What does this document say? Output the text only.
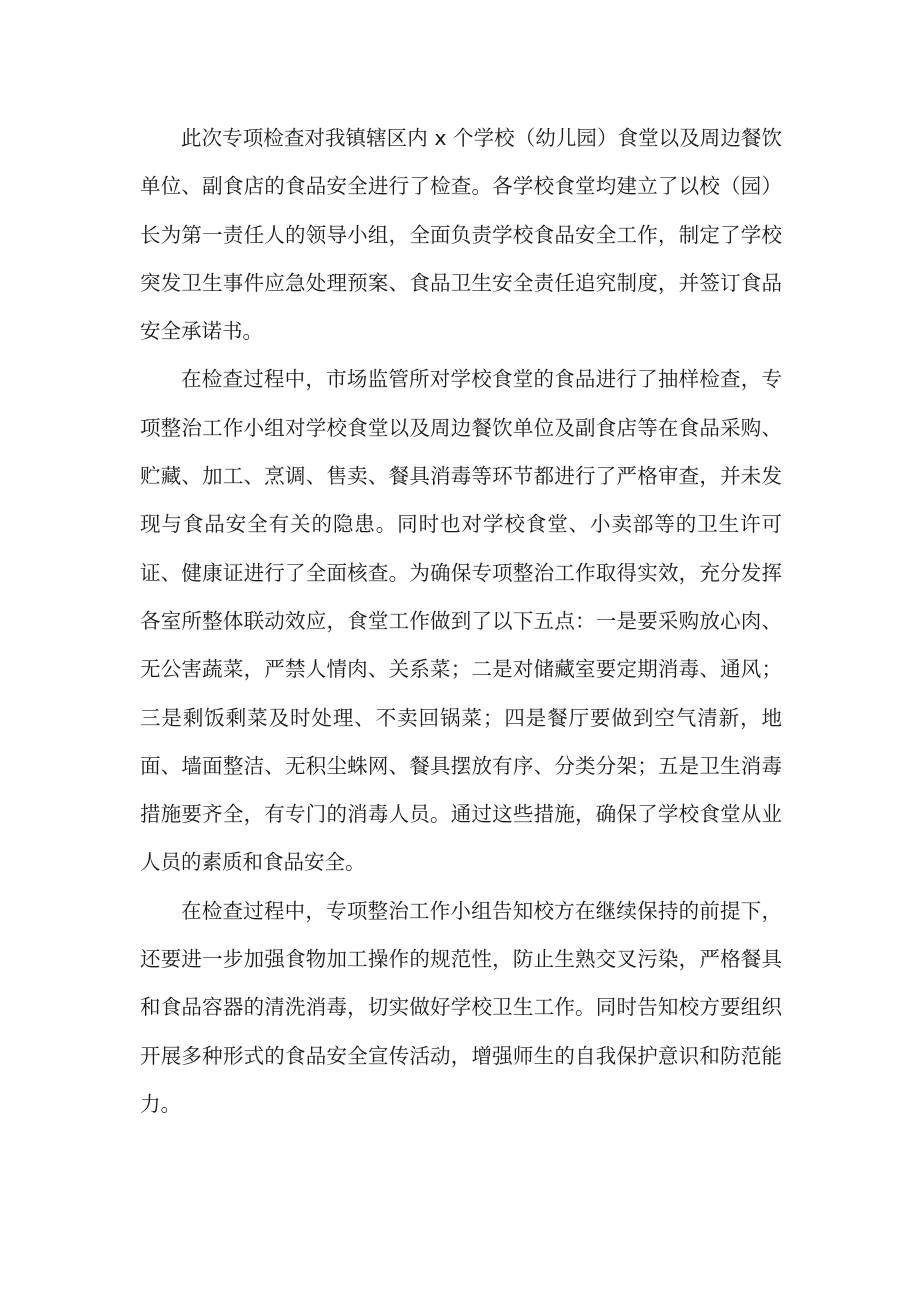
此次专项检查对我镇辖区内 x 个学校（幼儿园）食堂以及周边餐饮单位、副食店的食品安全进行了检查。各学校食堂均建立了以校（园）长为第一责任人的领导小组，全面负责学校食品安全工作，制定了学校突发卫生事件应急处理预案、食品卫生安全责任追究制度，并签订食品安全承诺书。

在检查过程中，市场监管所对学校食堂的食品进行了抽样检查，专项整治工作小组对学校食堂以及周边餐饮单位及副食店等在食品采购、贮藏、加工、烹调、售卖、餐具消毒等环节都进行了严格审查，并未发现与食品安全有关的隐患。同时也对学校食堂、小卖部等的卫生许可证、健康证进行了全面核查。为确保专项整治工作取得实效，充分发挥各室所整体联动效应，食堂工作做到了以下五点：一是要采购放心肉、无公害蔬菜，严禁人情肉、关系菜；二是对储藏室要定期消毒、通风；三是剩饭剩菜及时处理、不卖回锅菜；四是餐厅要做到空气清新，地面、墙面整洁、无积尘蛛网、餐具摆放有序、分类分架；五是卫生消毒措施要齐全，有专门的消毒人员。通过这些措施，确保了学校食堂从业人员的素质和食品安全。

在检查过程中，专项整治工作小组告知校方在继续保持的前提下，还要进一步加强食物加工操作的规范性，防止生熟交叉污染，严格餐具和食品容器的清洗消毒，切实做好学校卫生工作。同时告知校方要组织开展多种形式的食品安全宣传活动，增强师生的自我保护意识和防范能力。
